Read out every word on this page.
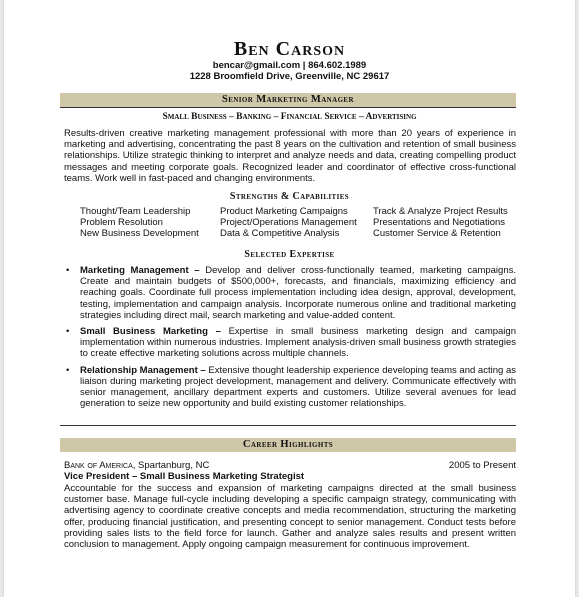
Ben Carson
bencar@gmail.com | 864.602.1989
1228 Broomfield Drive, Greenville, NC 29617
Senior Marketing Manager
Small Business – Banking – Financial Service – Advertising
Results-driven creative marketing management professional with more than 20 years of experience in marketing and advertising, concentrating the past 8 years on the cultivation and retention of small business relationships. Utilize strategic thinking to interpret and analyze needs and data, creating compelling product messages and meeting corporate goals. Recognized leader and coordinator of effective cross-functional teams. Work well in fast-paced and changing environments.
Strengths & Capabilities
Thought/Team Leadership
Problem Resolution
New Business Development
Product Marketing Campaigns
Project/Operations Management
Data & Competitive Analysis
Track & Analyze Project Results
Presentations and Negotiations
Customer Service & Retention
Selected Expertise
• Marketing Management – Develop and deliver cross-functionally teamed, marketing campaigns. Create and maintain budgets of $500,000+, forecasts, and financials, maximizing efficiency and reaching goals. Coordinate full process implementation including idea design, approval, development, testing, implementation and campaign analysis. Incorporate numerous online and traditional marketing strategies including direct mail, search marketing and value-added content.
• Small Business Marketing – Expertise in small business marketing design and campaign implementation within numerous industries. Implement analysis-driven small business growth strategies to create effective marketing solutions across multiple channels.
• Relationship Management – Extensive thought leadership experience developing teams and acting as liaison during marketing project development, management and delivery. Communicate effectively with senior management, ancillary department experts and customers. Utilize several avenues for lead generation to seize new opportunity and build existing customer relationships.
Career Highlights
Bank of America, Spartanburg, NC	2005 to Present
Vice President – Small Business Marketing Strategist
Accountable for the success and expansion of marketing campaigns directed at the small business customer base. Manage full-cycle including developing a specific campaign strategy, communicating with advertising agency to coordinate creative concepts and media recommendation, structuring the marketing offer, producing financial justification, and presenting concept to senior management. Conduct tests before providing sales lists to the field force for launch. Gather and analyze sales results and present written conclusion to management. Apply ongoing campaign measurement for continuous improvement.
